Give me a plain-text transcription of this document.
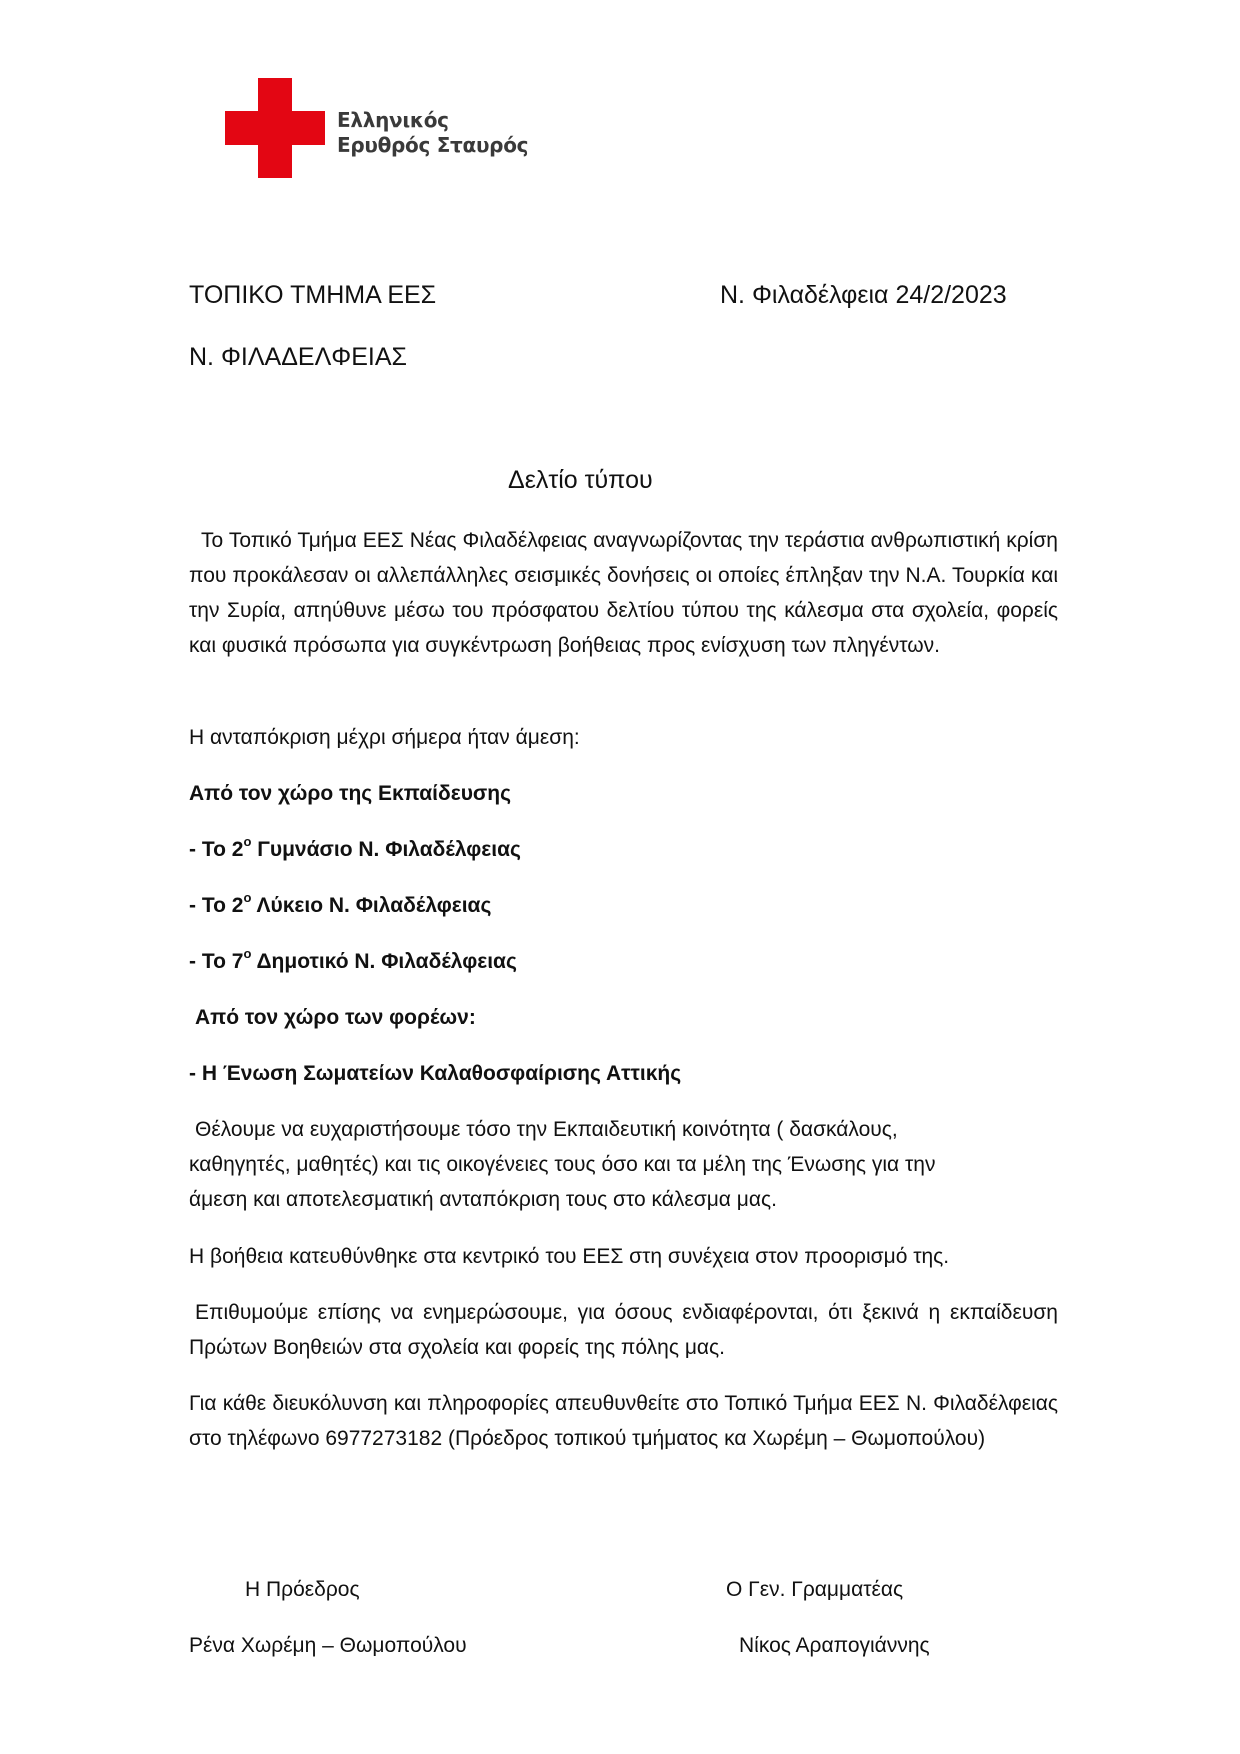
Ελληνικός
Ερυθρός Σταυρός

ΤΟΠΙΚΟ ΤΜΗΜΑ ΕΕΣ	Ν. Φιλαδέλφεια 24/2/2023

Ν. ΦΙΛΑΔΕΛΦΕΙΑΣ

Δελτίο τύπου

Το Τοπικό Τμήμα ΕΕΣ Νέας Φιλαδέλφειας αναγνωρίζοντας την τεράστια ανθρωπιστική κρίση που προκάλεσαν οι αλλεπάλληλες σεισμικές δονήσεις οι οποίες έπληξαν την Ν.Α. Τουρκία και την Συρία, απηύθυνε μέσω του πρόσφατου δελτίου τύπου της κάλεσμα στα σχολεία, φορείς και φυσικά πρόσωπα για συγκέντρωση βοήθειας προς ενίσχυση των πληγέντων.

Η ανταπόκριση μέχρι σήμερα ήταν άμεση:

Από τον χώρο της Εκπαίδευσης

- Το $2^o$ Γυμνάσιο Ν. Φιλαδέλφειας

- Το $2^o$ Λύκειο Ν. Φιλαδέλφειας

- Το $7^o$ Δημοτικό Ν. Φιλαδέλφειας

Από τον χώρο των φορέων:

- Η Ένωση Σωματείων Καλαθοσφαίρισης Αττικής

Θέλουμε να ευχαριστήσουμε τόσο την Εκπαιδευτική κοινότητα ( δασκάλους,
καθηγητές, μαθητές) και τις οικογένειες τους όσο και τα μέλη της Ένωσης για την
άμεση και αποτελεσματική ανταπόκριση τους στο κάλεσμα μας.

Η βοήθεια κατευθύνθηκε στα κεντρικό του ΕΕΣ στη συνέχεια στον προορισμό της.

Επιθυμούμε επίσης να ενημερώσουμε, για όσους ενδιαφέρονται, ότι ξεκινά η εκπαίδευση Πρώτων Βοηθειών στα σχολεία και φορείς της πόλης μας.

Για κάθε διευκόλυνση και πληροφορίες απευθυνθείτε στο Τοπικό Τμήμα ΕΕΣ Ν. Φιλαδέλφειας στο τηλέφωνο 6977273182 (Πρόεδρος τοπικού τμήματος κα Χωρέμη – Θωμοπούλου)

Η Πρόεδρος	Ο Γεν. Γραμματέας

Ρένα Χωρέμη – Θωμοπούλου	Νίκος Αραπογιάννης
